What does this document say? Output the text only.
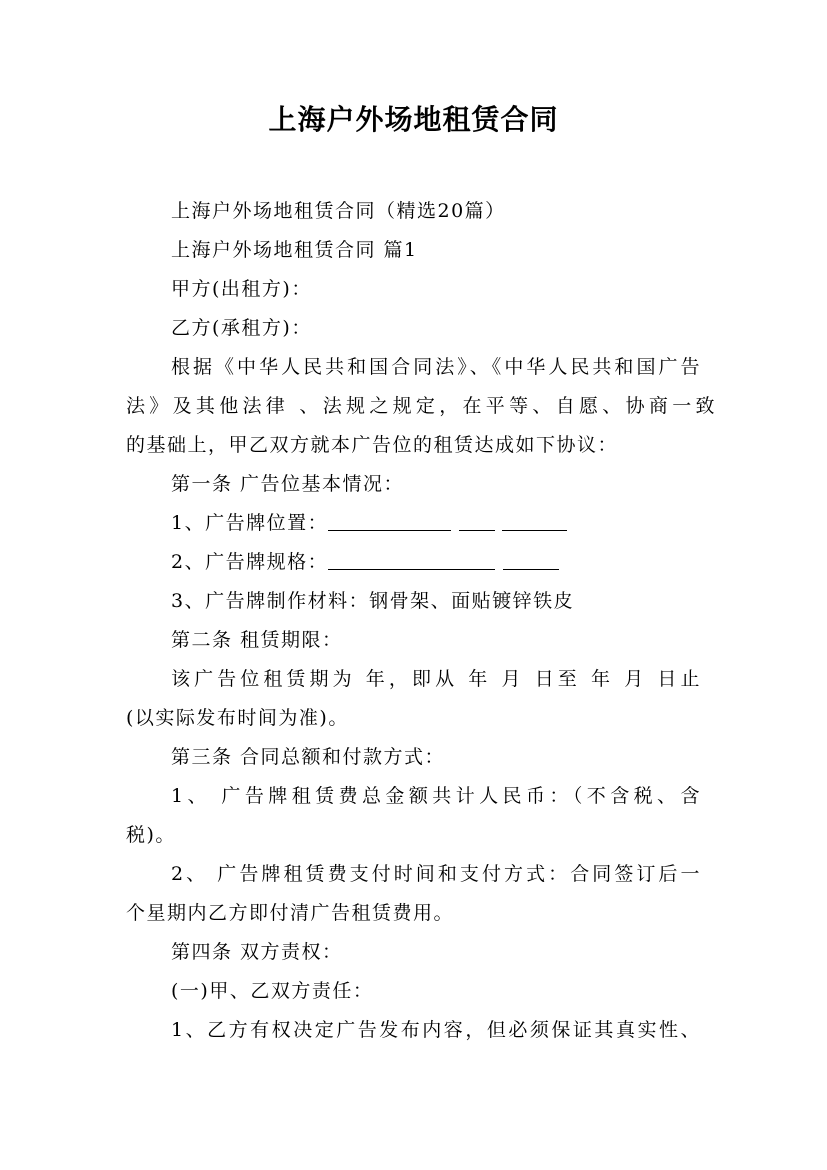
上海户外场地租赁合同
上海户外场地租赁合同（精选20篇）
上海户外场地租赁合同 篇1
甲方(出租方)：
乙方(承租方)：
根据《中华人民共和国合同法》、《中华人民共和国广告
法》及其他法律 、法规之规定，在平等、自愿、协商一致
的基础上，甲乙双方就本广告位的租赁达成如下协议：
第一条 广告位基本情况：
1、广告牌位置：
2、广告牌规格：
3、广告牌制作材料：钢骨架、面贴镀锌铁皮
第二条 租赁期限：
该广告位租赁期为 年，即从 年 月 日至 年 月 日止
(以实际发布时间为准)。
第三条 合同总额和付款方式：
1、 广告牌租赁费总金额共计人民币：（不含税、含
税)。
2、 广告牌租赁费支付时间和支付方式：合同签订后一
个星期内乙方即付清广告租赁费用。
第四条 双方责权：
(一)甲、乙双方责任：
1、乙方有权决定广告发布内容，但必须保证其真实性、
